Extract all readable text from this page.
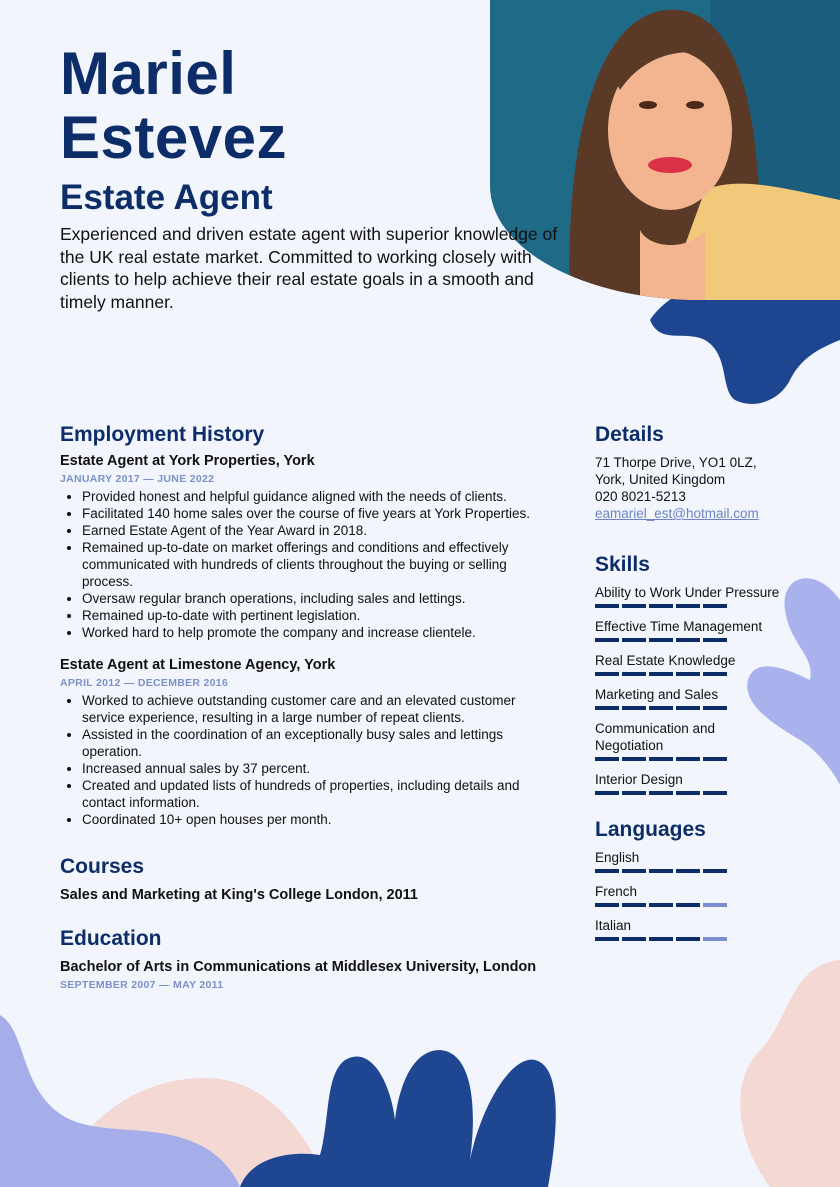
Mariel
Estevez
Estate Agent

Experienced and driven estate agent with superior knowledge of the UK real estate market. Committed to working closely with clients to help achieve their real estate goals in a smooth and timely manner.

Employment History

Estate Agent at York Properties, York

JANUARY 2017 — JUNE 2022

• Provided honest and helpful guidance aligned with the needs of clients.
• Facilitated 140 home sales over the course of five years at York Properties.
• Earned Estate Agent of the Year Award in 2018.
• Remained up-to-date on market offerings and conditions and effectively communicated with hundreds of clients throughout the buying or selling process.
• Oversaw regular branch operations, including sales and lettings.
• Remained up-to-date with pertinent legislation.
• Worked hard to help promote the company and increase clientele.

Estate Agent at Limestone Agency, York

APRIL 2012 — DECEMBER 2016

• Worked to achieve outstanding customer care and an elevated customer service experience, resulting in a large number of repeat clients.
• Assisted in the coordination of an exceptionally busy sales and lettings operation.
• Increased annual sales by 37 percent.
• Created and updated lists of hundreds of properties, including details and contact information.
• Coordinated 10+ open houses per month.
Courses

Sales and Marketing at King's College London, 2011

Education

Bachelor of Arts in Communications at Middlesex University, London

SEPTEMBER 2007 — MAY 2011

Details

71 Thorpe Drive, YO1 0LZ,

York, United Kingdom

020 8021-5213

eamariel_est@hotmail.com

Skills

Ability to Work Under Pressure

Effective Time Management

Real Estate Knowledge

Marketing and Sales

Communication and Negotiation

Interior Design

Languages

English

French

Italian
